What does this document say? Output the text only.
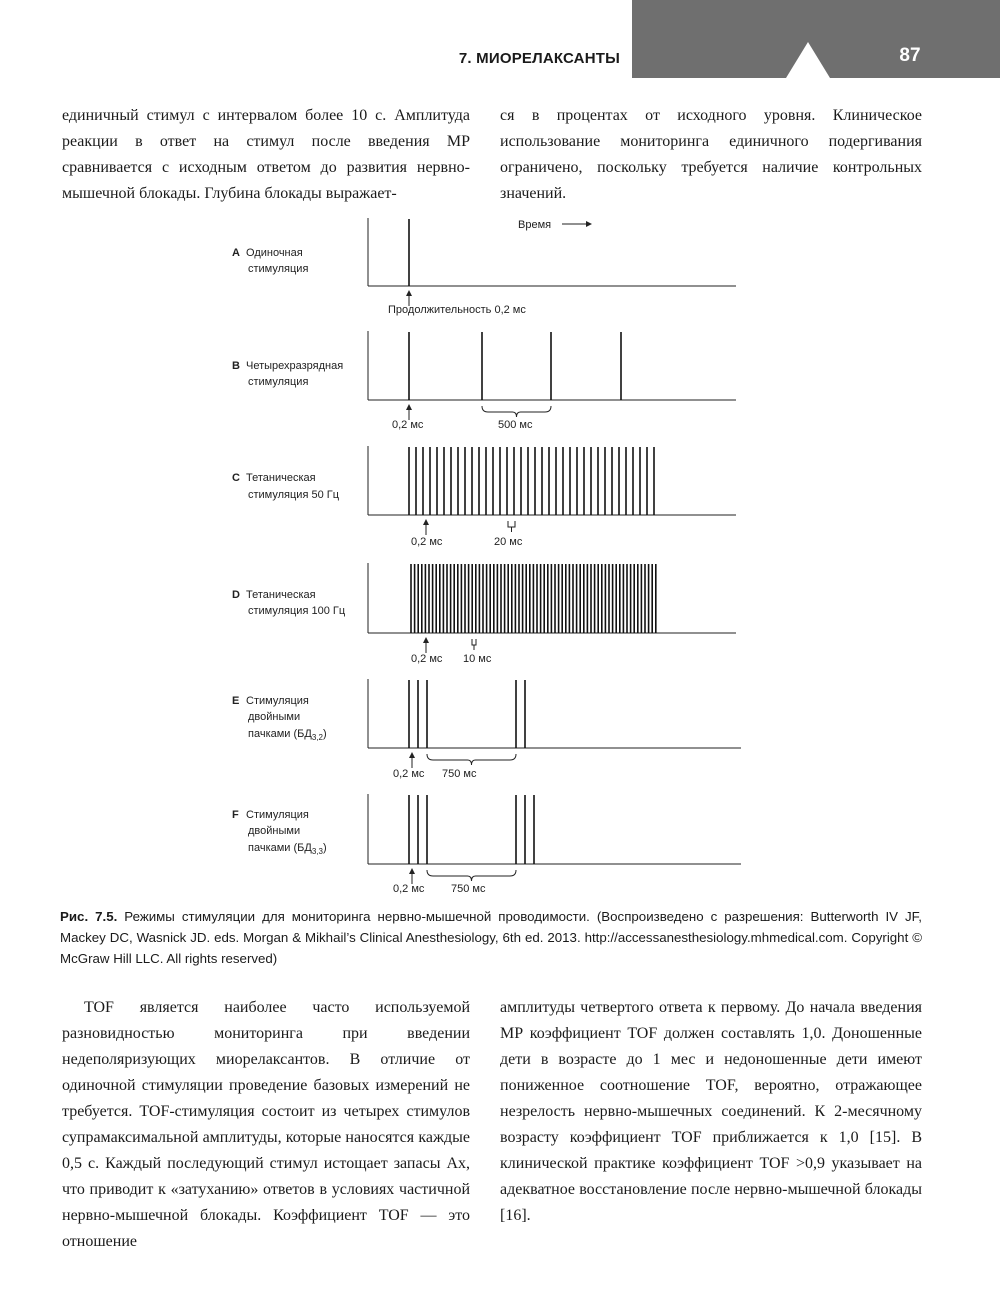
7. МИОРЕЛАКСАНТЫ	87

единичный стимул с интервалом более 10 с. Амплитуда реакции в ответ на стимул после введения МР сравнивается с исходным ответом до развития нервно-мышечной блокады. Глубина блокады выражает-

ся в процентах от исходного уровня. Клиническое использование мониторинга единичного подергивания ограничено, поскольку требуется наличие контрольных значений.

Время
A Одиночная
стимуляция
Продолжительность 0,2 мс
B Четырехразрядная
стимуляция
0,2 мс	500 мс
C Тетаническая
стимуляция 50 Гц
0,2 мс	20 мс
D Тетаническая
стимуляция 100 Гц
0,2 мс 10 мс
E Стимуляция
двойными
пачками $(БД_{3,2})$
0,2 мс 750 мс
F Стимуляция
двойными
пачками $(БД_{3,3})$
0,2 мс 750 мс
Рис. 7.5. Режимы стимуляции для мониторинга нервно-мышечной проводимости. (Воспроизведено с разрешения: Butterworth IV JF, Mackey DC, Wasnick JD. eds. Morgan & Mikhail’s Clinical Anesthesiology, 6th ed. 2013. http://accessanesthesiology.mhmedical.com. Copyright © McGraw Hill LLC. All rights reserved)

TOF является наиболее часто используемой разновидностью мониторинга при введении недеполяризующих миорелаксантов. В отличие от одиночной стимуляции проведение базовых измерений не требуется. TOF-стимуляция состоит из четырех стимулов супрамаксимальной амплитуды, которые наносятся каждые 0,5 с. Каждый последующий стимул истощает запасы Ах, что приводит к «затуханию» ответов в условиях частичной нервно-мышечной блокады. Коэффициент TOF — это отношение

амплитуды четвертого ответа к первому. До начала введения МР коэффициент TOF должен составлять 1,0. Доношенные дети в возрасте до 1 мес и недоношенные дети имеют пониженное соотношение TOF, вероятно, отражающее незрелость нервно-мышечных соединений. К 2-месячному возрасту коэффициент TOF приближается к 1,0 [15]. В клинической практике коэффициент TOF >0,9 указывает на адекватное восстановление после нервно-мышечной блокады [16].
